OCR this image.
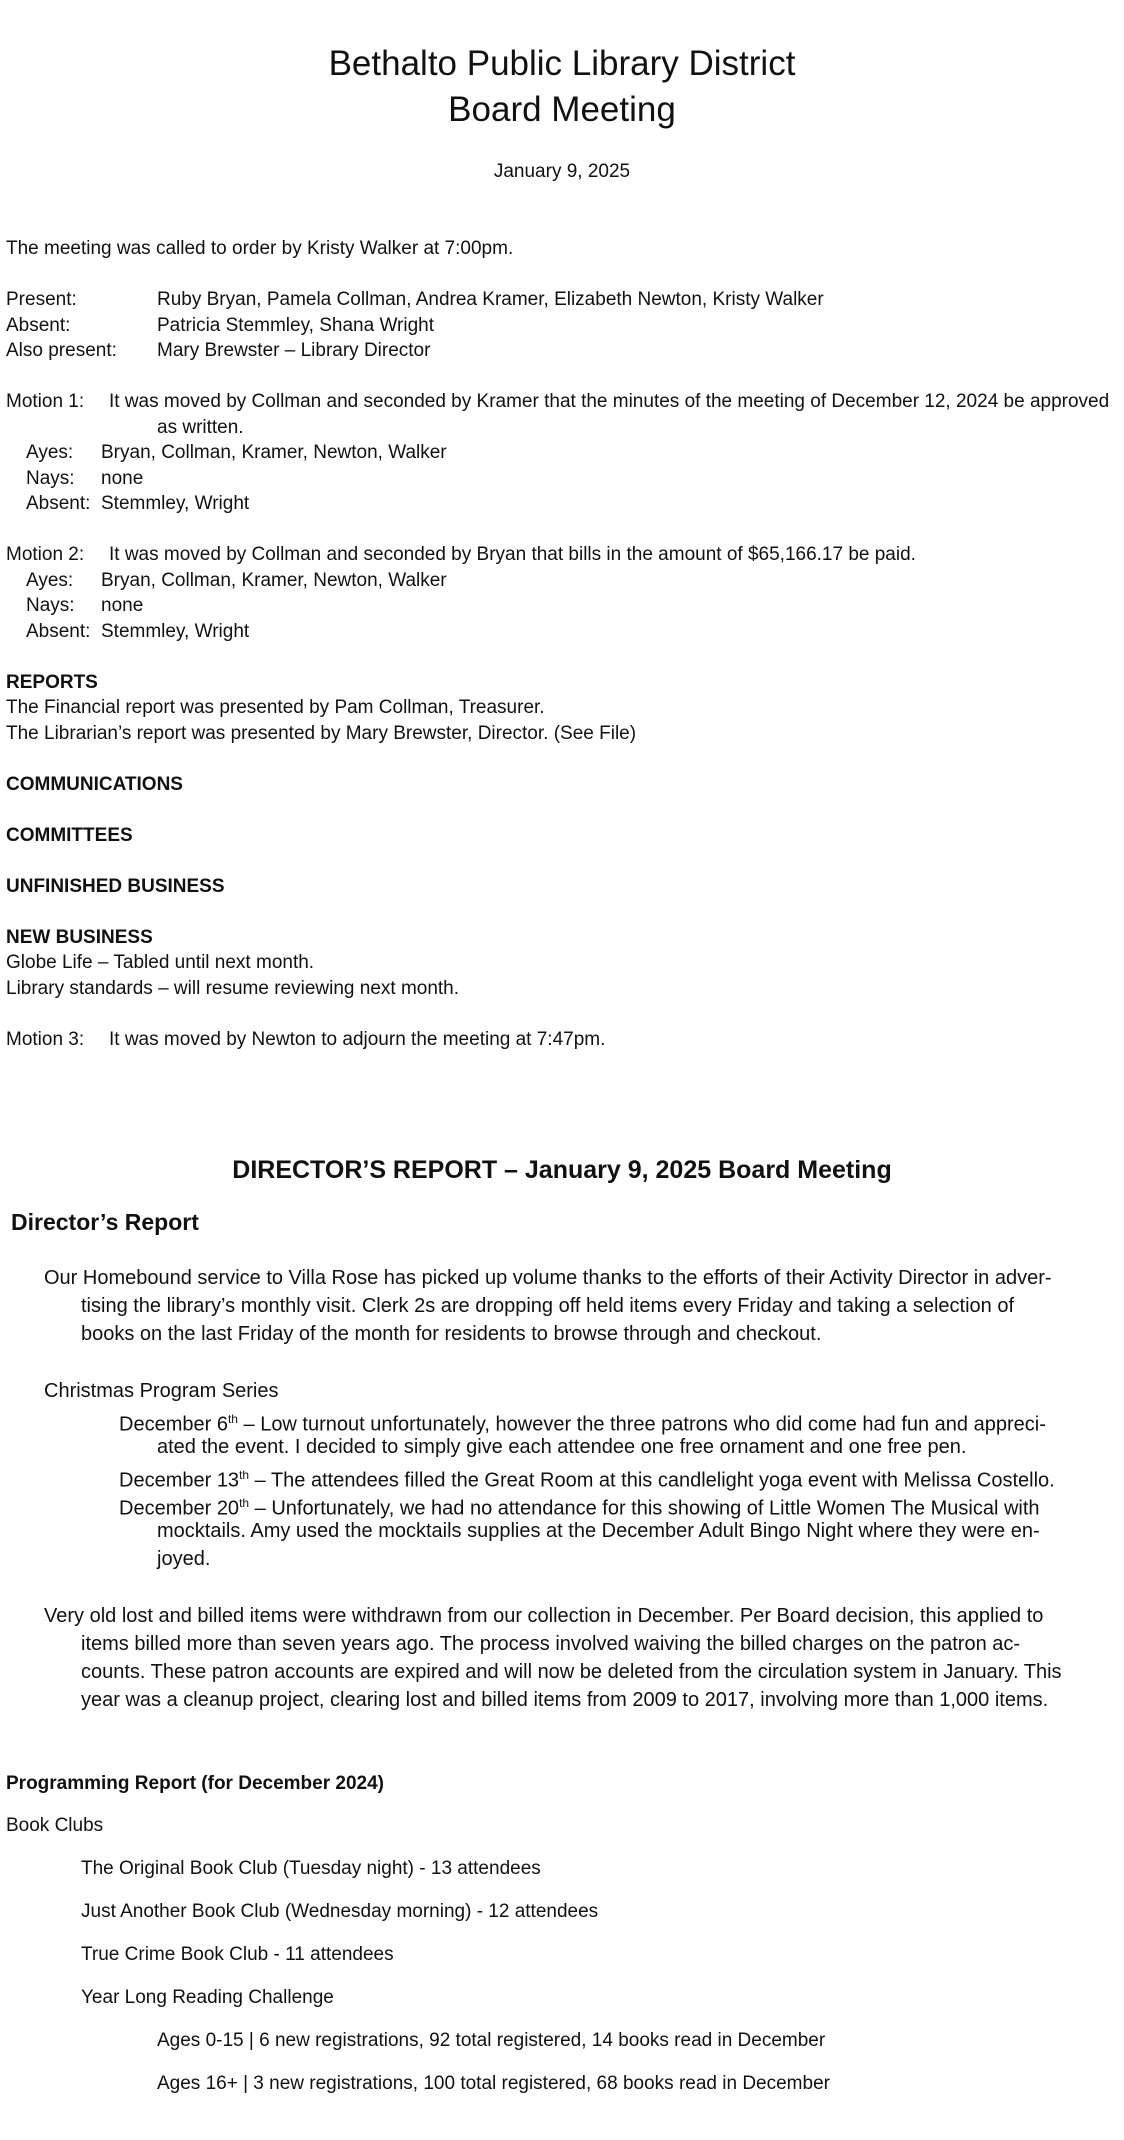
Bethalto Public Library District
Board Meeting
January 9, 2025
The meeting was called to order by Kristy Walker at 7:00pm.
Present:	Ruby Bryan, Pamela Collman, Andrea Kramer, Elizabeth Newton, Kristy Walker
Absent:	Patricia Stemmley, Shana Wright
Also present: Mary Brewster – Library Director
Motion 1: It was moved by Collman and seconded by Kramer that the minutes of the meeting of December 12, 2024 be approved
as written.
Ayes: Bryan, Collman, Kramer, Newton, Walker
Nays: none
Absent: Stemmley, Wright
Motion 2: It was moved by Collman and seconded by Bryan that bills in the amount of $65,166.17 be paid.
Ayes: Bryan, Collman, Kramer, Newton, Walker
Nays: none
Absent: Stemmley, Wright
REPORTS
The Financial report was presented by Pam Collman, Treasurer.
The Librarian’s report was presented by Mary Brewster, Director. (See File)
COMMUNICATIONS
COMMITTEES
UNFINISHED BUSINESS
NEW BUSINESS
Globe Life – Tabled until next month.
Library standards – will resume reviewing next month.
Motion 3: It was moved by Newton to adjourn the meeting at 7:47pm.
DIRECTOR’S REPORT – January 9, 2025 Board Meeting
Director’s Report
Our Homebound service to Villa Rose has picked up volume thanks to the efforts of their Activity Director in adver-
tising the library’s monthly visit. Clerk 2s are dropping off held items every Friday and taking a selection of
books on the last Friday of the month for residents to browse through and checkout.
Christmas Program Series
December 6th – Low turnout unfortunately, however the three patrons who did come had fun and appreci-
ated the event. I decided to simply give each attendee one free ornament and one free pen.
December 13th – The attendees filled the Great Room at this candlelight yoga event with Melissa Costello.
December 20th – Unfortunately, we had no attendance for this showing of Little Women The Musical with
mocktails. Amy used the mocktails supplies at the December Adult Bingo Night where they were en-
joyed.
Very old lost and billed items were withdrawn from our collection in December. Per Board decision, this applied to
items billed more than seven years ago. The process involved waiving the billed charges on the patron ac-
counts. These patron accounts are expired and will now be deleted from the circulation system in January. This
year was a cleanup project, clearing lost and billed items from 2009 to 2017, involving more than 1,000 items.
Programming Report (for December 2024)
Book Clubs
The Original Book Club (Tuesday night) - 13 attendees
Just Another Book Club (Wednesday morning) - 12 attendees
True Crime Book Club - 11 attendees
Year Long Reading Challenge
Ages 0-15 | 6 new registrations, 92 total registered, 14 books read in December
Ages 16+ | 3 new registrations, 100 total registered, 68 books read in December
